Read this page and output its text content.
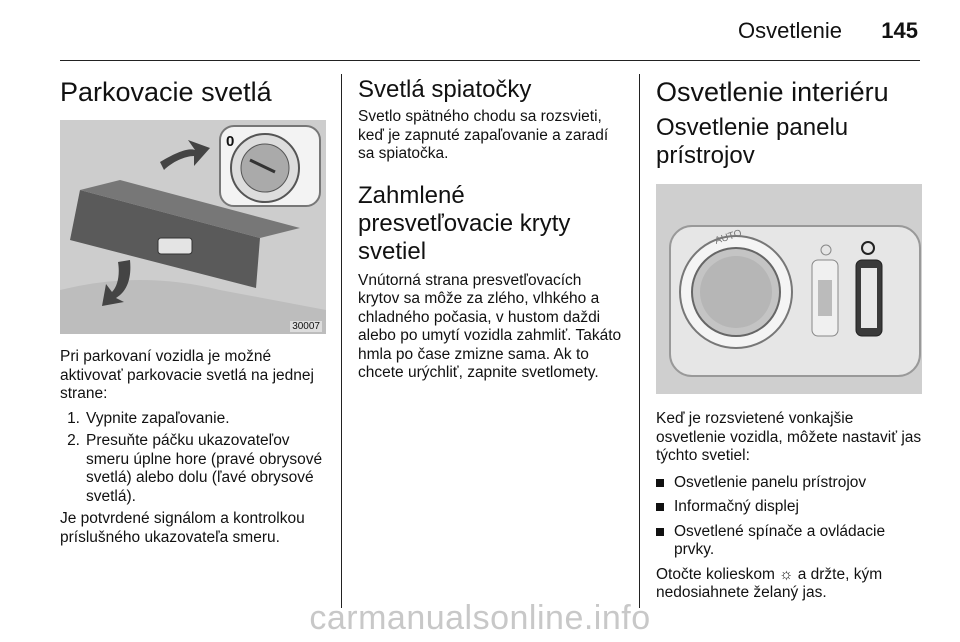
Osvetlenie 145
Parkovacie svetlá
0
30007

Pri parkovaní vozidla je možné aktivovať parkovacie svetlá na jednej strane:

1. Vypnite zapaľovanie.
2. Presuňte páčku ukazovateľov smeru úplne hore (pravé obrysové svetlá) alebo dolu (ľavé obrysové svetlá).

Je potvrdené signálom a kontrolkou príslušného ukazovateľa smeru.

Svetlá spiatočky

Svetlo spätného chodu sa rozsvieti, keď je zapnuté zapaľovanie a zaradí sa spiatočka.

Zahmlené presvetľovacie kryty svetiel

Vnútorná strana presvetľovacích krytov sa môže za zlého, vlhkého a chladného počasia, v hustom daždi alebo po umytí vozidla zahmliť. Takáto hmla po čase zmizne sama. Ak to chcete urýchliť, zapnite svetlomety.

Osvetlenie interiéru
Osvetlenie panelu prístrojov
AUTO

Keď je rozsvietené vonkajšie osvetlenie vozidla, môžete nastaviť jas týchto svetiel:

Osvetlenie panelu prístrojov
Informačný displej
Osvetlené spínače a ovládacie prvky.

Otočte kolieskom ☼ a držte, kým nedosiahnete želaný jas.

carmanualsonline.info
